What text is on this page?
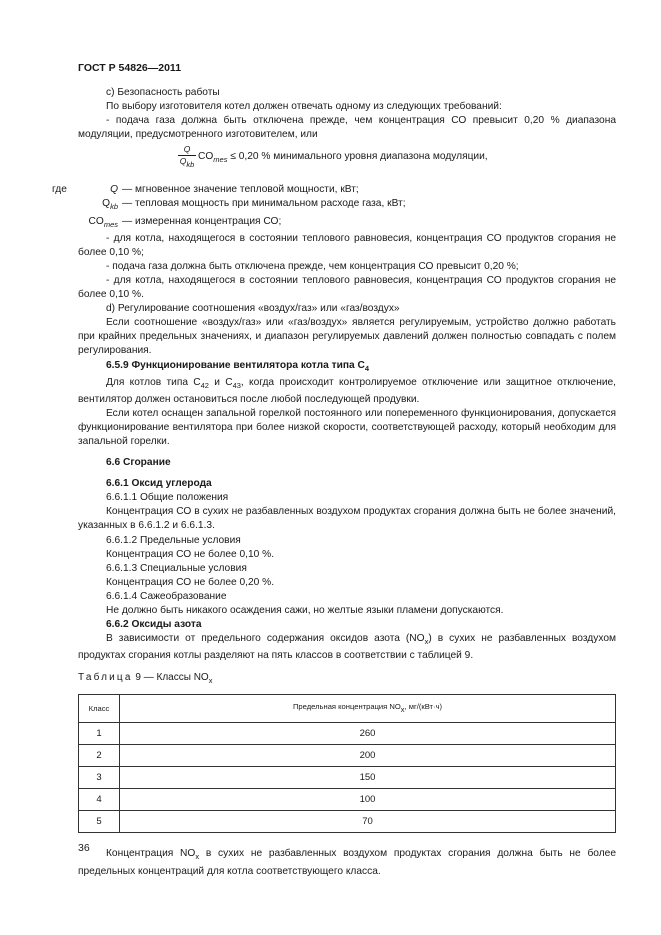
ГОСТ Р 54826—2011

c) Безопасность работы

По выбору изготовителя котел должен отвечать одному из следующих требований:

- подача газа должна быть отключена прежде, чем концентрация СО превысит 0,20 % диапазона модуляции, предусмотренного изготовителем, или

Q
Qkb
$CO_{mes} \le 0,20$ % минимального уровня диапазона модуляции,
где	Q — мгновенное значение тепловой мощности, кВт;
$Q_{kb}$ — тепловая мощность при минимальном расходе газа, кВт;
$CO_{mes}$ — измеренная концентрация СО;

- для котла, находящегося в состоянии теплового равновесия, концентрация СО продуктов сгорания не более 0,10 %;

- подача газа должна быть отключена прежде, чем концентрация СО превысит 0,20 %;

- для котла, находящегося в состоянии теплового равновесия, концентрация СО продуктов сгорания не более 0,10 %.

d) Регулирование соотношения «воздух/газ» или «газ/воздух»

Если соотношение «воздух/газ» или «газ/воздух» является регулируемым, устройство должно работать при крайних предельных значениях, и диапазон регулируемых давлений должен полностью совпадать с полем регулирования.

6.5.9 Функционирование вентилятора котла типа $C_4$

Для котлов типа $C_{42}$ и $C_{43}$, когда происходит контролируемое отключение или защитное отключение, вентилятор должен остановиться после любой последующей продувки.

Если котел оснащен запальной горелкой постоянного или попеременного функционирования, допускается функционирование вентилятора при более низкой скорости, соответствующей расходу, который необходим для запальной горелки.

6.6 Сгорание

6.6.1 Оксид углерода

6.6.1.1 Общие положения

Концентрация СО в сухих не разбавленных воздухом продуктах сгорания должна быть не более значений, указанных в 6.6.1.2 и 6.6.1.3.

6.6.1.2 Предельные условия

Концентрация СО не более 0,10 %.

6.6.1.3 Специальные условия

Концентрация СО не более 0,20 %.

6.6.1.4 Сажеобразование

Не должно быть никакого осаждения сажи, но желтые языки пламени допускаются.

6.6.2 Оксиды азота

В зависимости от предельного содержания оксидов азота $(NO_x)$ в сухих не разбавленных воздухом продуктах сгорания котлы разделяют на пять классов в соответствии с таблицей 9.

Таблица 9 — Классы $NO_x$
Класс	Предельная концентрация NOx, мг/(кВт·ч)
1	260
2	200
3	150
4	100
5	70

Концентрация $NO_x$ в сухих не разбавленных воздухом продуктах сгорания должна быть не более предельных концентраций для котла соответствующего класса.

36
